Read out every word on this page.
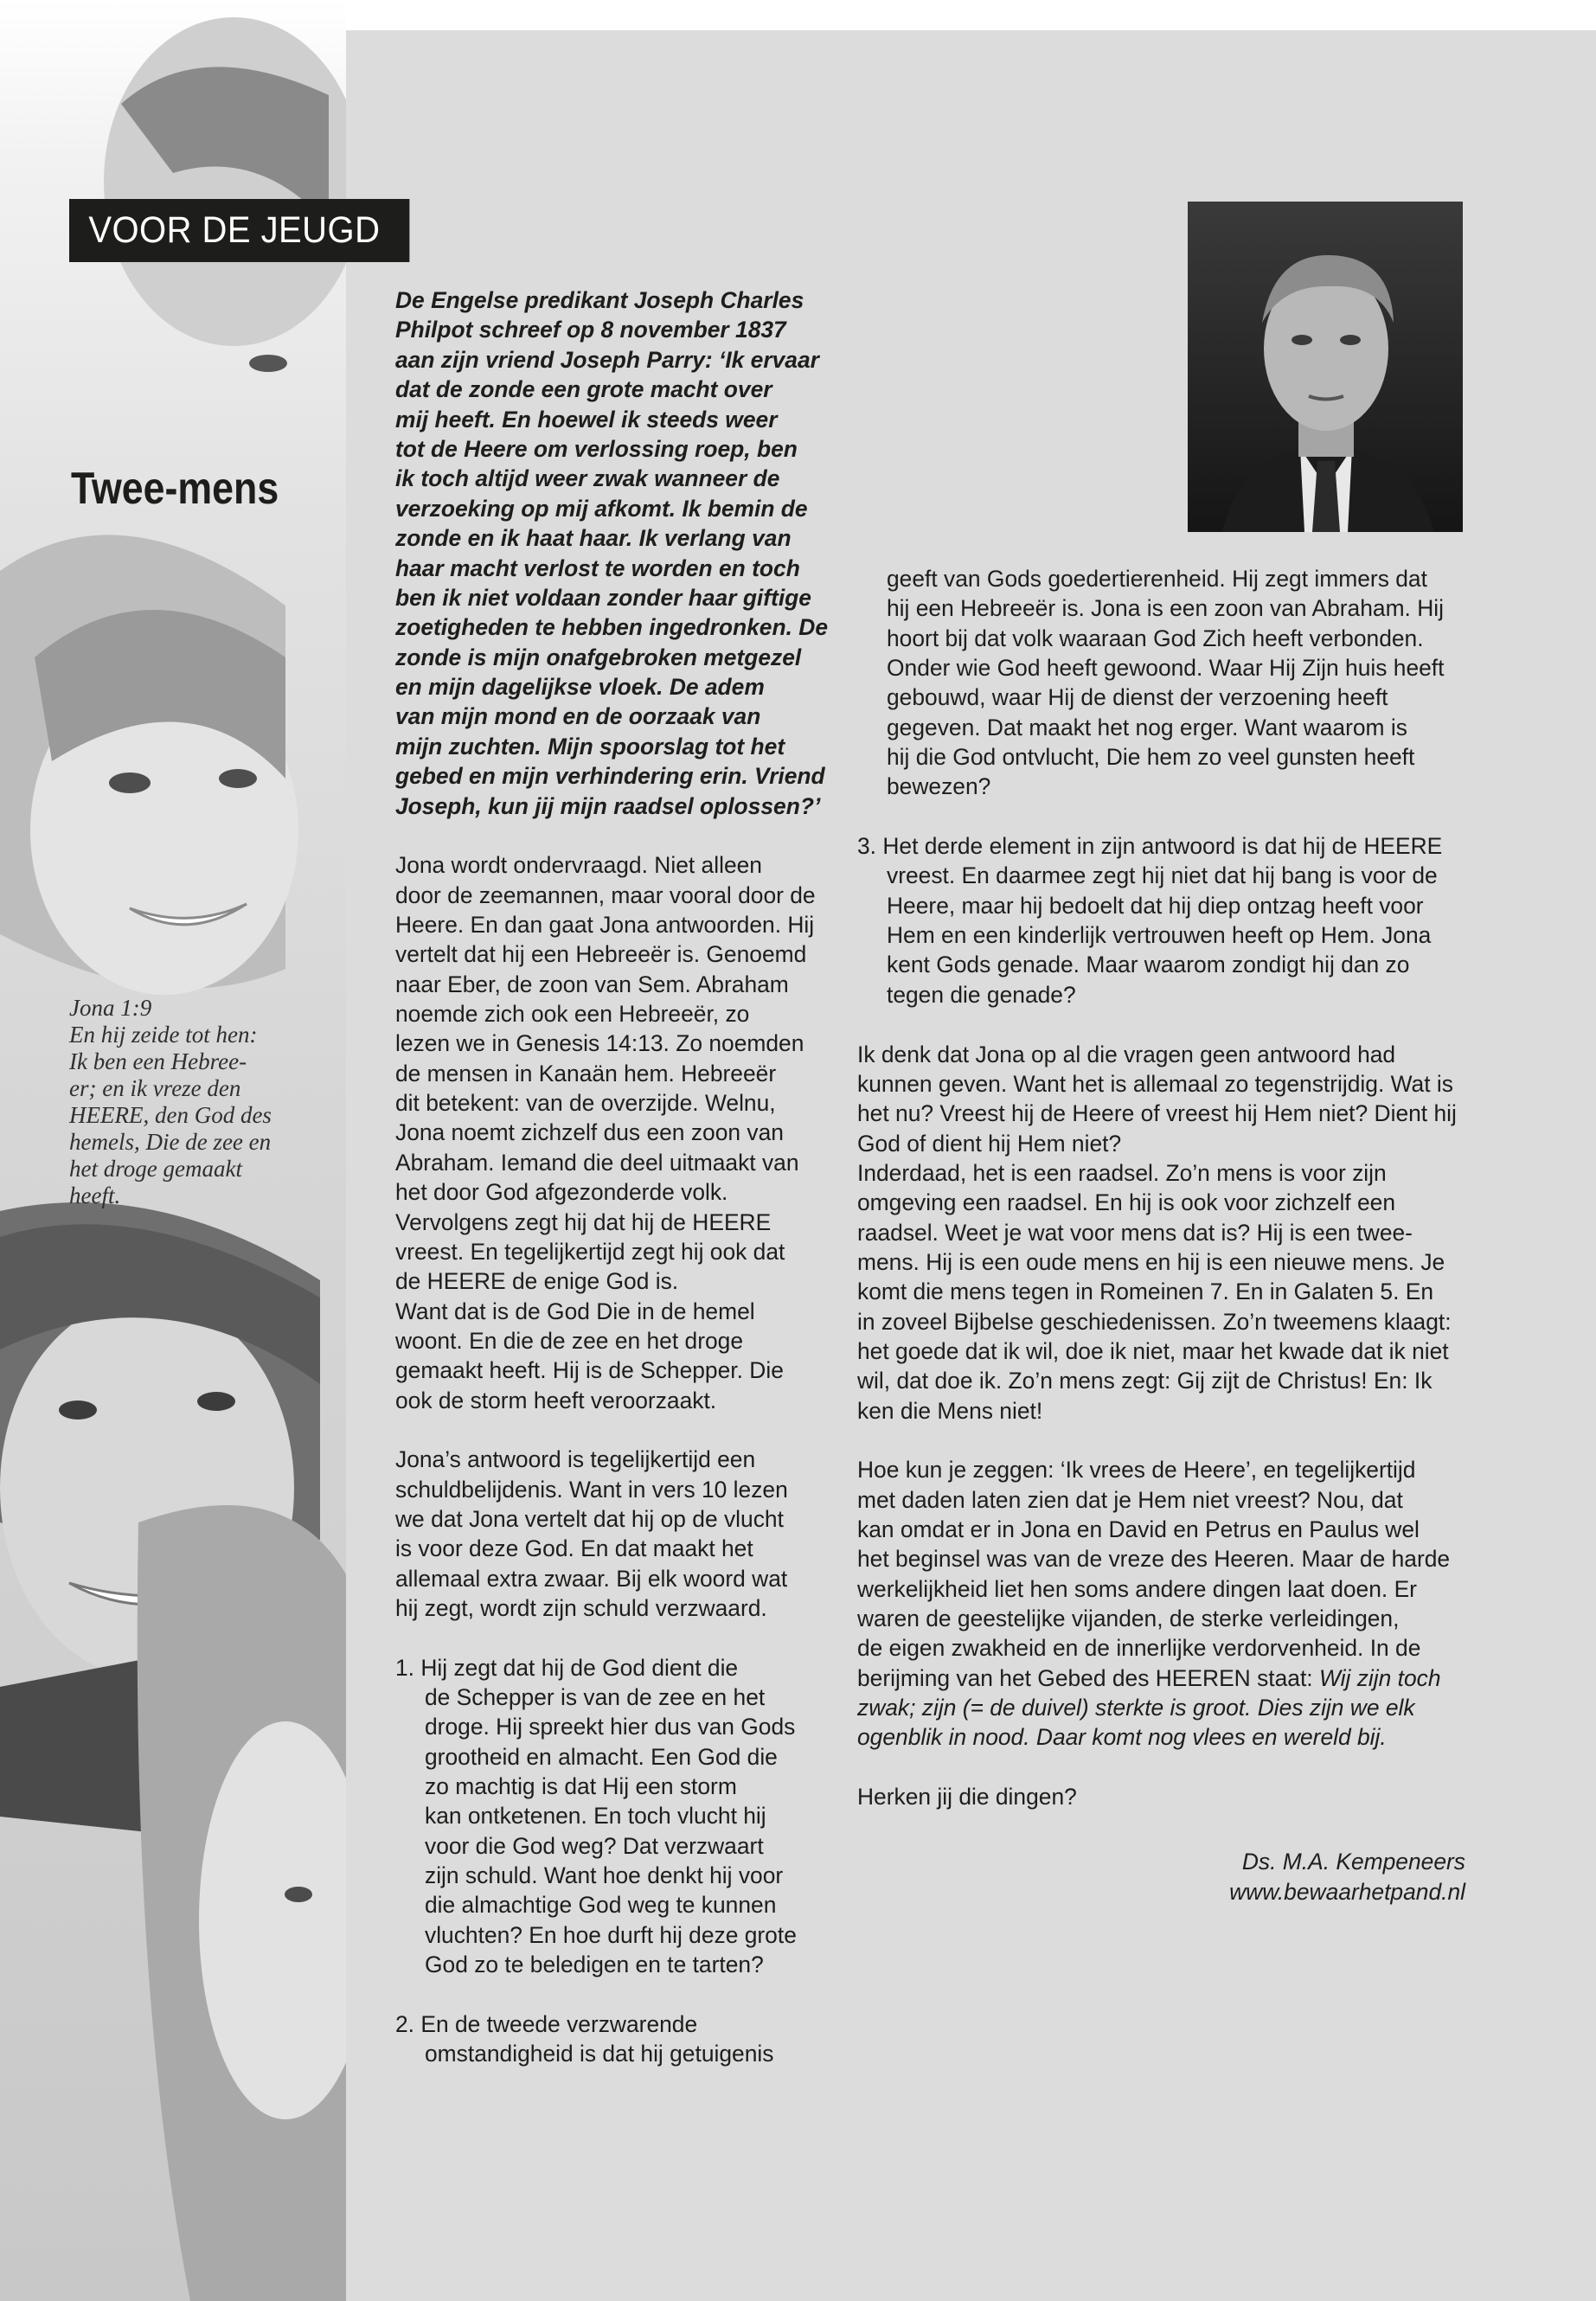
VOOR DE JEUGD
Twee-mens
Jona 1:9
En hij zeide tot hen:
Ik ben een Hebree-
er; en ik vreze den
HEERE, den God des
hemels, Die de zee en
het droge gemaakt
heeft.
De Engelse predikant Joseph Charles
Philpot schreef op 8 november 1837
aan zijn vriend Joseph Parry: ‘Ik ervaar
dat de zonde een grote macht over
mij heeft. En hoewel ik steeds weer
tot de Heere om verlossing roep, ben
ik toch altijd weer zwak wanneer de
verzoeking op mij afkomt. Ik bemin de
zonde en ik haat haar. Ik verlang van
haar macht verlost te worden en toch
ben ik niet voldaan zonder haar giftige
zoetigheden te hebben ingedronken. De
zonde is mijn onafgebroken metgezel
en mijn dagelijkse vloek. De adem
van mijn mond en de oorzaak van
mijn zuchten. Mijn spoorslag tot het
gebed en mijn verhindering erin. Vriend
Joseph, kun jij mijn raadsel oplossen?’
Jona wordt ondervraagd. Niet alleen
door de zeemannen, maar vooral door de
Heere. En dan gaat Jona antwoorden. Hij
vertelt dat hij een Hebreeër is. Genoemd
naar Eber, de zoon van Sem. Abraham
noemde zich ook een Hebreeër, zo
lezen we in Genesis 14:13. Zo noemden
de mensen in Kanaän hem. Hebreeër
dit betekent: van de overzijde. Welnu,
Jona noemt zichzelf dus een zoon van
Abraham. Iemand die deel uitmaakt van
het door God afgezonderde volk.
Vervolgens zegt hij dat hij de HEERE
vreest. En tegelijkertijd zegt hij ook dat
de HEERE de enige God is.
Want dat is de God Die in de hemel
woont. En die de zee en het droge
gemaakt heeft. Hij is de Schepper. Die
ook de storm heeft veroorzaakt.
Jona’s antwoord is tegelijkertijd een
schuldbelijdenis. Want in vers 10 lezen
we dat Jona vertelt dat hij op de vlucht
is voor deze God. En dat maakt het
allemaal extra zwaar. Bij elk woord wat
hij zegt, wordt zijn schuld verzwaard.
1. Hij zegt dat hij de God dient die
de Schepper is van de zee en het
droge. Hij spreekt hier dus van Gods
grootheid en almacht. Een God die
zo machtig is dat Hij een storm
kan ontketenen. En toch vlucht hij
voor die God weg? Dat verzwaart
zijn schuld. Want hoe denkt hij voor
die almachtige God weg te kunnen
vluchten? En hoe durft hij deze grote
God zo te beledigen en te tarten?
2. En de tweede verzwarende
omstandigheid is dat hij getuigenis
geeft van Gods goedertierenheid. Hij zegt immers dat
hij een Hebreeër is. Jona is een zoon van Abraham. Hij
hoort bij dat volk waaraan God Zich heeft verbonden.
Onder wie God heeft gewoond. Waar Hij Zijn huis heeft
gebouwd, waar Hij de dienst der verzoening heeft
gegeven. Dat maakt het nog erger. Want waarom is
hij die God ontvlucht, Die hem zo veel gunsten heeft
bewezen?
3. Het derde element in zijn antwoord is dat hij de HEERE
vreest. En daarmee zegt hij niet dat hij bang is voor de
Heere, maar hij bedoelt dat hij diep ontzag heeft voor
Hem en een kinderlijk vertrouwen heeft op Hem. Jona
kent Gods genade. Maar waarom zondigt hij dan zo
tegen die genade?
Ik denk dat Jona op al die vragen geen antwoord had
kunnen geven. Want het is allemaal zo tegenstrijdig. Wat is
het nu? Vreest hij de Heere of vreest hij Hem niet? Dient hij
God of dient hij Hem niet?
Inderdaad, het is een raadsel. Zo’n mens is voor zijn
omgeving een raadsel. En hij is ook voor zichzelf een
raadsel. Weet je wat voor mens dat is? Hij is een twee-
mens. Hij is een oude mens en hij is een nieuwe mens. Je
komt die mens tegen in Romeinen 7. En in Galaten 5. En
in zoveel Bijbelse geschiedenissen. Zo’n tweemens klaagt:
het goede dat ik wil, doe ik niet, maar het kwade dat ik niet
wil, dat doe ik. Zo’n mens zegt: Gij zijt de Christus! En: Ik
ken die Mens niet!
Hoe kun je zeggen: ‘Ik vrees de Heere’, en tegelijkertijd
met daden laten zien dat je Hem niet vreest? Nou, dat
kan omdat er in Jona en David en Petrus en Paulus wel
het beginsel was van de vreze des Heeren. Maar de harde
werkelijkheid liet hen soms andere dingen laat doen. Er
waren de geestelijke vijanden, de sterke verleidingen,
de eigen zwakheid en de innerlijke verdorvenheid. In de
berijming van het Gebed des HEEREN staat: Wij zijn toch
zwak; zijn (= de duivel) sterkte is groot. Dies zijn we elk
ogenblik in nood. Daar komt nog vlees en wereld bij.
Herken jij die dingen?
Ds. M.A. Kempeneers
www.bewaarhetpand.nl
